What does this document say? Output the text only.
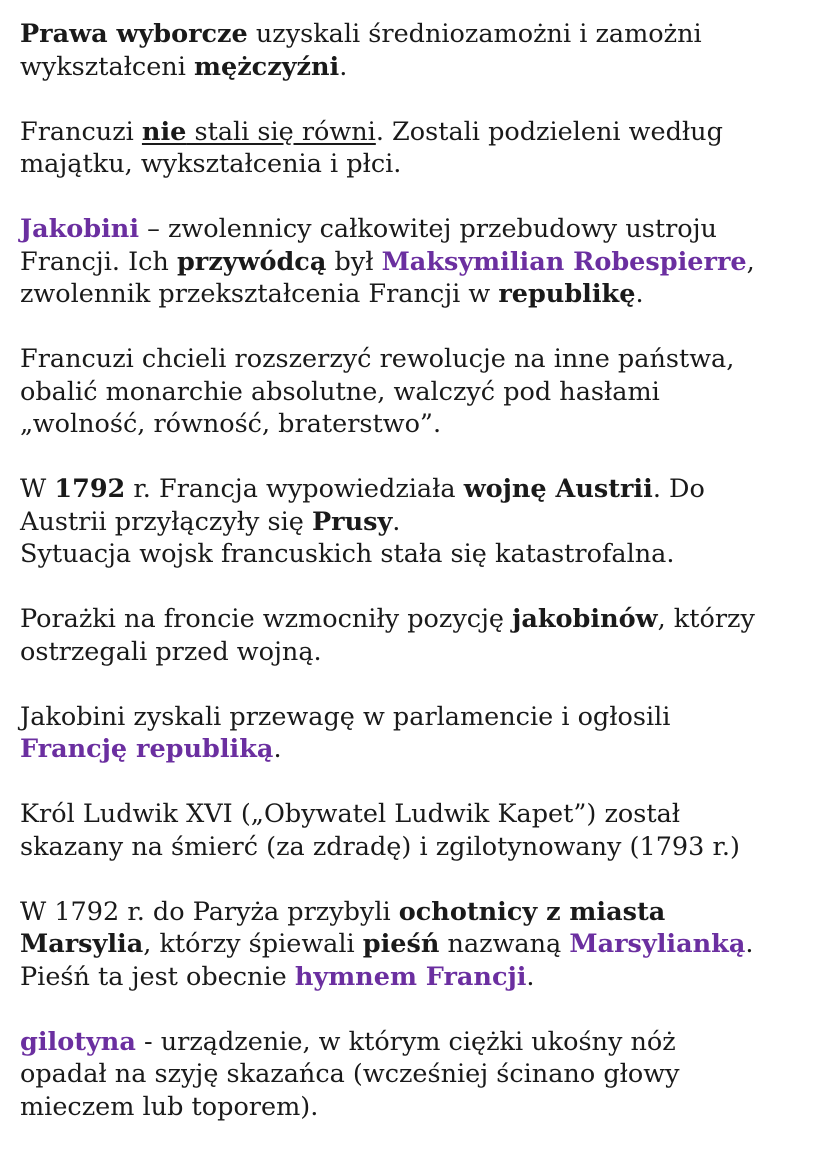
Prawa wyborcze uzyskali średniozamożni i zamożni
wykształceni mężczyźni.

Francuzi nie stali się równi. Zostali podzieleni według
majątku, wykształcenia i płci.

Jakobini – zwolennicy całkowitej przebudowy ustroju
Francji. Ich przywódcą był Maksymilian Robespierre,
zwolennik przekształcenia Francji w republikę.

Francuzi chcieli rozszerzyć rewolucje na inne państwa,
obalić monarchie absolutne, walczyć pod hasłami
„wolność, równość, braterstwo”.

W 1792 r. Francja wypowiedziała wojnę Austrii. Do
Austrii przyłączyły się Prusy.
Sytuacja wojsk francuskich stała się katastrofalna.

Porażki na froncie wzmocniły pozycję jakobinów, którzy
ostrzegali przed wojną.

Jakobini zyskali przewagę w parlamencie i ogłosili
Francję republiką.

Król Ludwik XVI („Obywatel Ludwik Kapet”) został
skazany na śmierć (za zdradę) i zgilotynowany (1793 r.)

W 1792 r. do Paryża przybyli ochotnicy z miasta
Marsylia, którzy śpiewali pieśń nazwaną Marsylianką.
Pieśń ta jest obecnie hymnem Francji.

gilotyna - urządzenie, w którym ciężki ukośny nóż
opadał na szyję skazańca (wcześniej ścinano głowy
mieczem lub toporem).
